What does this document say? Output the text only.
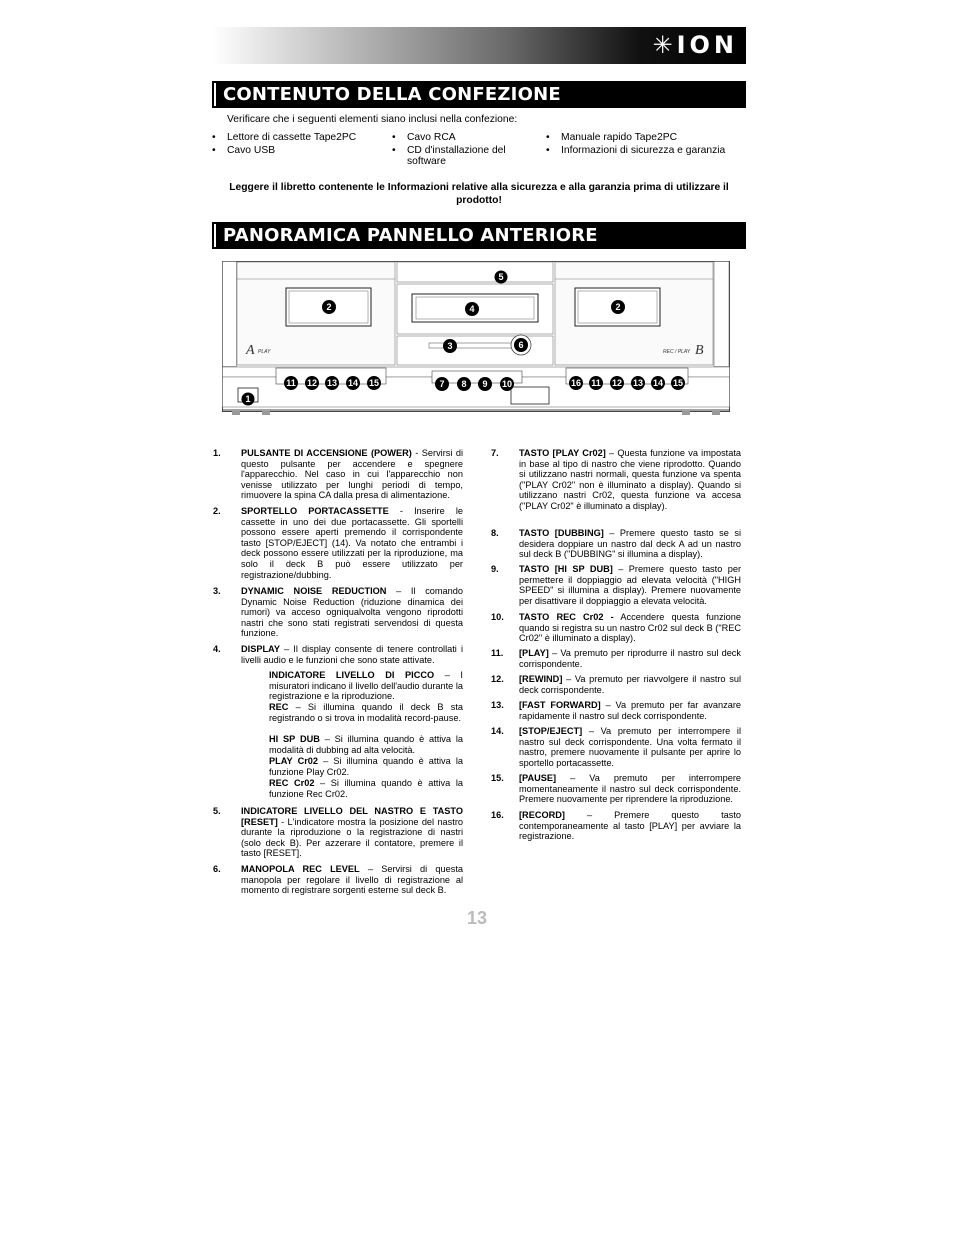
✳ION
CONTENUTO DELLA CONFEZIONE
Verificare che i seguenti elementi siano inclusi nella confezione:
• Lettore di cassette Tape2PC
• Cavo USB
• Cavo RCA
• CD d'installazione del software
• Manuale rapido Tape2PC
• Informazioni di sicurezza e garanzia
Leggere il libretto contenente le Informazioni relative alla sicurezza e alla garanzia prima di utilizzare il prodotto!
PANORAMICA PANNELLO ANTERIORE
A PLAY	REC / PLAY B
1
2	2
3
4
5
6
7 8 9 10
11 12 13 14 15	16 11 12 13 14 15
1. PULSANTE DI ACCENSIONE (POWER) - Servirsi di questo pulsante per accendere e spegnere l'apparecchio. Nel caso in cui l'apparecchio non venisse utilizzato per lunghi periodi di tempo, rimuovere la spina CA dalla presa di alimentazione.
2. SPORTELLO PORTACASSETTE - Inserire le cassette in uno dei due portacassette. Gli sportelli possono essere aperti premendo il corrispondente tasto [STOP/EJECT] (14). Va notato che entrambi i deck possono essere utilizzati per la riproduzione, ma solo il deck B può essere utilizzato per registrazione/dubbing.
3. DYNAMIC NOISE REDUCTION – Il comando Dynamic Noise Reduction (riduzione dinamica dei rumori) va acceso ogniqualvolta vengono riprodotti nastri che sono stati registrati servendosi di questa funzione.
4. DISPLAY – Il display consente di tenere controllati i livelli audio e le funzioni che sono state attivate.
INDICATORE LIVELLO DI PICCO – I misuratori indicano il livello dell'audio durante la registrazione e la riproduzione.
REC – Si illumina quando il deck B sta registrando o si trova in modalità record-pause.
HI SP DUB – Si illumina quando è attiva la modalità di dubbing ad alta velocità.
PLAY Cr02 – Si illumina quando è attiva la funzione Play Cr02.
REC Cr02 – Si illumina quando è attiva la funzione Rec Cr02.
5. INDICATORE LIVELLO DEL NASTRO E TASTO [RESET] - L'indicatore mostra la posizione del nastro durante la riproduzione o la registrazione di nastri (solo deck B). Per azzerare il contatore, premere il tasto [RESET].
6. MANOPOLA REC LEVEL – Servirsi di questa manopola per regolare il livello di registrazione al momento di registrare sorgenti esterne sul deck B.
7. TASTO [PLAY Cr02] – Questa funzione va impostata in base al tipo di nastro che viene riprodotto. Quando si utilizzano nastri normali, questa funzione va spenta ("PLAY Cr02" non è illuminato a display). Quando si utilizzano nastri Cr02, questa funzione va accesa ("PLAY Cr02" è illuminato a display).
8. TASTO [DUBBING] – Premere questo tasto se si desidera doppiare un nastro dal deck A ad un nastro sul deck B ("DUBBING" si illumina a display).
9. TASTO [HI SP DUB] – Premere questo tasto per permettere il doppiaggio ad elevata velocità ("HIGH SPEED" si illumina a display). Premere nuovamente per disattivare il doppiaggio a elevata velocità.
10. TASTO REC Cr02 - Accendere questa funzione quando si registra su un nastro Cr02 sul deck B ("REC Cr02" è illuminato a display).
11. [PLAY] – Va premuto per riprodurre il nastro sul deck corrispondente.
12. [REWIND] – Va premuto per riavvolgere il nastro sul deck corrispondente.
13. [FAST FORWARD] – Va premuto per far avanzare rapidamente il nastro sul deck corrispondente.
14. [STOP/EJECT] – Va premuto per interrompere il nastro sul deck corrispondente. Una volta fermato il nastro, premere nuovamente il pulsante per aprire lo sportello portacassette.
15. [PAUSE] – Va premuto per interrompere momentaneamente il nastro sul deck corrispondente. Premere nuovamente per riprendere la riproduzione.
16. [RECORD] – Premere questo tasto contemporaneamente al tasto [PLAY] per avviare la registrazione.
13
